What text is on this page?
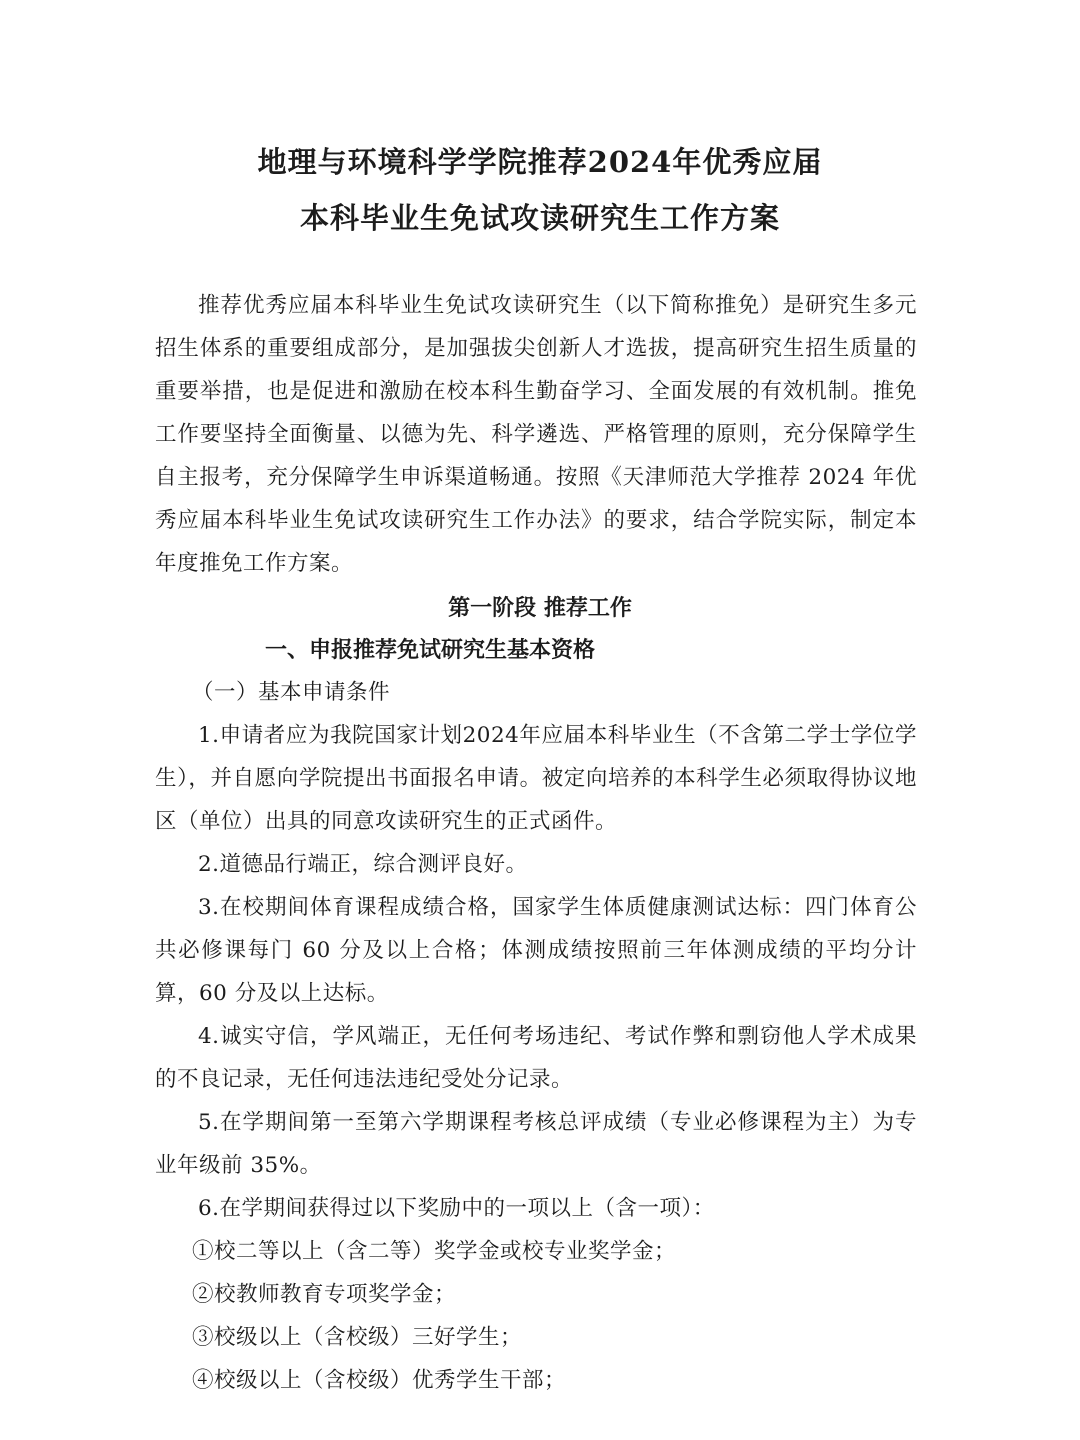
地理与环境科学学院推荐2024年优秀应届
本科毕业生免试攻读研究生工作方案

推荐优秀应届本科毕业生免试攻读研究生（以下简称推免）是研究生多元招生体系的重要组成部分，是加强拔尖创新人才选拔，提高研究生招生质量的重要举措，也是促进和激励在校本科生勤奋学习、全面发展的有效机制。推免工作要坚持全面衡量、以德为先、科学遴选、严格管理的原则，充分保障学生自主报考，充分保障学生申诉渠道畅通。按照《天津师范大学推荐 2024 年优秀应届本科毕业生免试攻读研究生工作办法》的要求，结合学院实际，制定本年度推免工作方案。

第一阶段 推荐工作
一、申报推荐免试研究生基本资格
（一）基本申请条件

1.申请者应为我院国家计划2024年应届本科毕业生（不含第二学士学位学生），并自愿向学院提出书面报名申请。被定向培养的本科学生必须取得协议地区（单位）出具的同意攻读研究生的正式函件。

2.道德品行端正，综合测评良好。

3.在校期间体育课程成绩合格，国家学生体质健康测试达标：四门体育公共必修课每门 60 分及以上合格；体测成绩按照前三年体测成绩的平均分计算，60 分及以上达标。

4.诚实守信，学风端正，无任何考场违纪、考试作弊和剽窃他人学术成果的不良记录，无任何违法违纪受处分记录。

5.在学期间第一至第六学期课程考核总评成绩（专业必修课程为主）为专业年级前 35%。

6.在学期间获得过以下奖励中的一项以上（含一项）：

①校二等以上（含二等）奖学金或校专业奖学金；
②校教师教育专项奖学金；
③校级以上（含校级）三好学生；
④校级以上（含校级）优秀学生干部；
